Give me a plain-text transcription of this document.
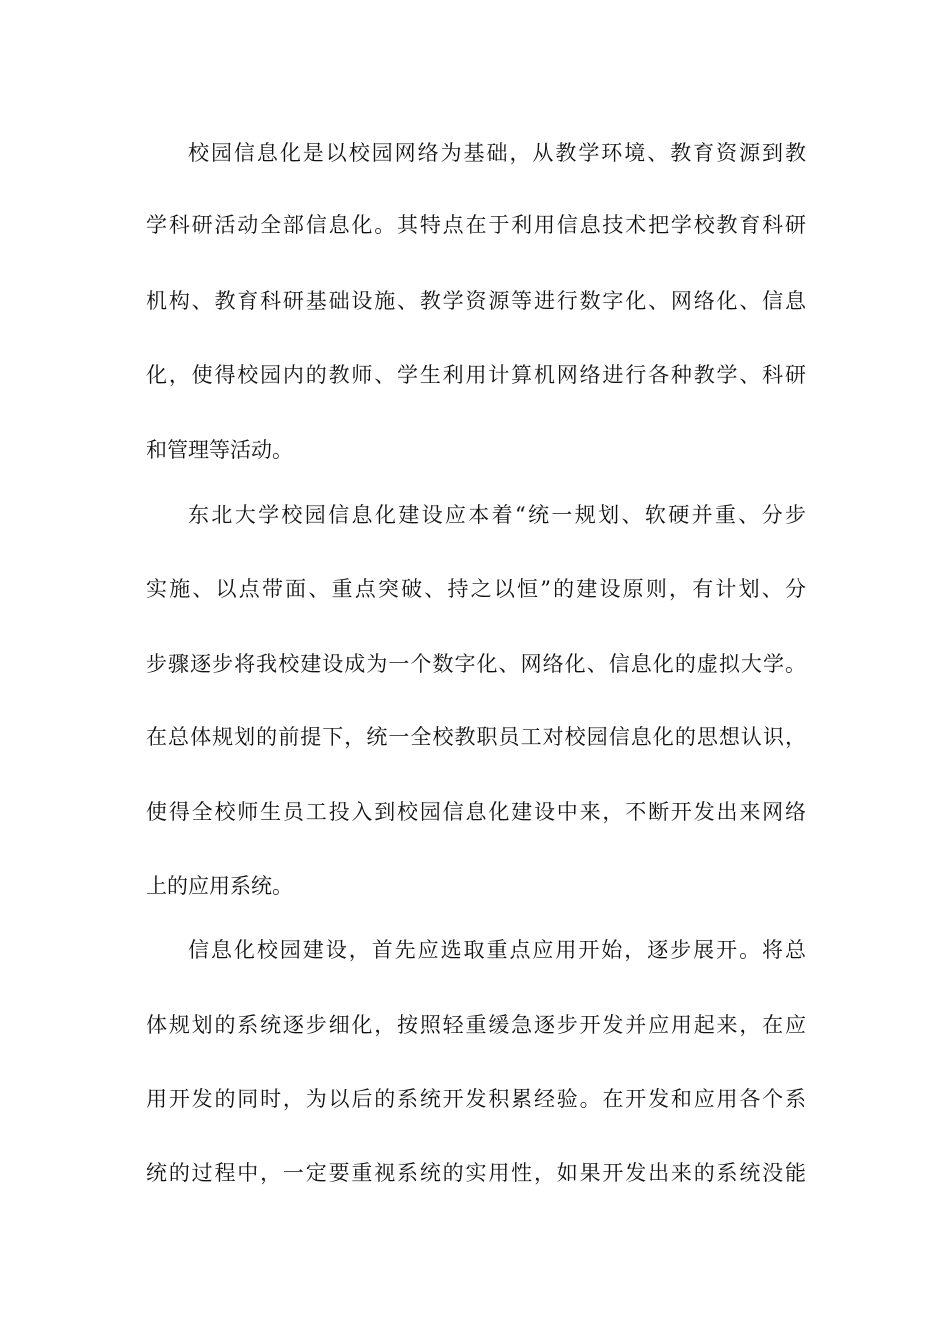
校园信息化是以校园网络为基础，从教学环境、教育资源到教
学科研活动全部信息化。其特点在于利用信息技术把学校教育科研
机构、教育科研基础设施、教学资源等进行数字化、网络化、信息
化，使得校园内的教师、学生利用计算机网络进行各种教学、科研
和管理等活动。
东北大学校园信息化建设应本着“统一规划、软硬并重、分步
实施、以点带面、重点突破、持之以恒”的建设原则，有计划、分
步骤逐步将我校建设成为一个数字化、网络化、信息化的虚拟大学。
在总体规划的前提下，统一全校教职员工对校园信息化的思想认识，
使得全校师生员工投入到校园信息化建设中来，不断开发出来网络
上的应用系统。
信息化校园建设，首先应选取重点应用开始，逐步展开。将总
体规划的系统逐步细化，按照轻重缓急逐步开发并应用起来，在应
用开发的同时，为以后的系统开发积累经验。在开发和应用各个系
统的过程中，一定要重视系统的实用性，如果开发出来的系统没能
